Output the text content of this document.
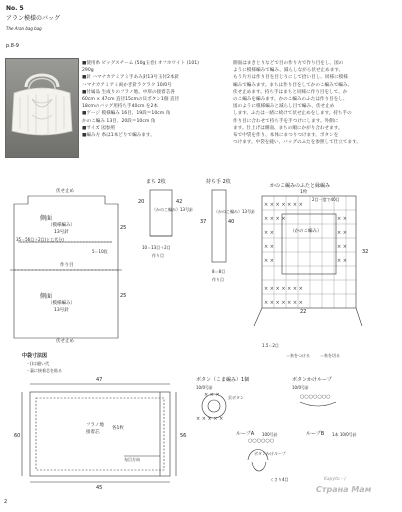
No. 5
アラン模様のバッグ
The Aran bag bag
p.8-9
■使用糸 ビッグスチーム (50g玉巻) オフホワイト (101) 290g
■針 ハマナカアミアミ手あみ針13号玉付2本針
ハマナカアミアミ両かぎ針ラクラク 10/0号
■付属品 生成りのフラノ地、中厚の接着芯各
60cm × 47cm 直径15cmの貝ボタン1個 直径
18cmのバッグ用持ち手40cm を2本
■ゲージ 模様編み 16目、19段＝10cm 角
かのこ編み 13目、20段＝10cm 角
■サイズ 図参照
■編み方 糸は1本どりで編みます。
側面はまきとりなどで目の作り方で作り目をし、図の
ように模様編みで編み、減らしながら伏せ止めます。
もう片方は作り目を目じりにして拾い目し、同様に模様
編みで編みます。まちは作り目をしてかのこ編みで編み、
伏せ止めます。持ち手はまちと同様に作り目をして、か
のこ編みを編みます。かのこ編みのふたは作り目をし、
図のように模様編みと減らし目で編み、伏せ止め
します。ふたは一緒に続けて伏せ止めをします。持ち手の
作り目に合わせて持ち手を手つけにします。外側に
ます。仕上げは側面、まちの順にかがり合わせます。
布で中袋を作り、本体にまつりつけます。ボタンを
つけます。中袋を縫い、バッグのふたを参照して仕立てます。
× × × × × × ×
× × × ×	× ×
× ×	× ×
× ×	× ×
× ×	× ×
× × × × × × ×
× × × × × × ×
× × ×
× × × × ×
○○○○○○
○○○○○○○
伏せ止め
側面
（模様編み）
13号針
35＝56目＋2目(とじ代分)
5＝10段
作り目
側面
（模様編み）
13号針
伏せ止め
まち 2枚
（かのこ編み）13号針
10＝13目＋2目
作り目
持ち手 2枚
（かのこ編み）13号針
8＝8目
作り目
かのこ編みのふたと縁編み
1枚
（かのこ編み）
2目一度で40目
1.5＝2目
＝糸をつける	＝糸を切る
中袋寸法図
・()は縫い代
・裏に接着芯を貼る
フラノ地
接着芯
各1枚
布目方向
ボタン（こま編み）1個
10/0号針
貝ボタン
ボタンかけループ
10/0号針
ループA 100号針	ループB 1本 10/0号針
ボタンかけループ
くさり4目
25
25
20	42
37	40
32
22
47
45
60	56
Страна Мам
Kapyto :-)
2
